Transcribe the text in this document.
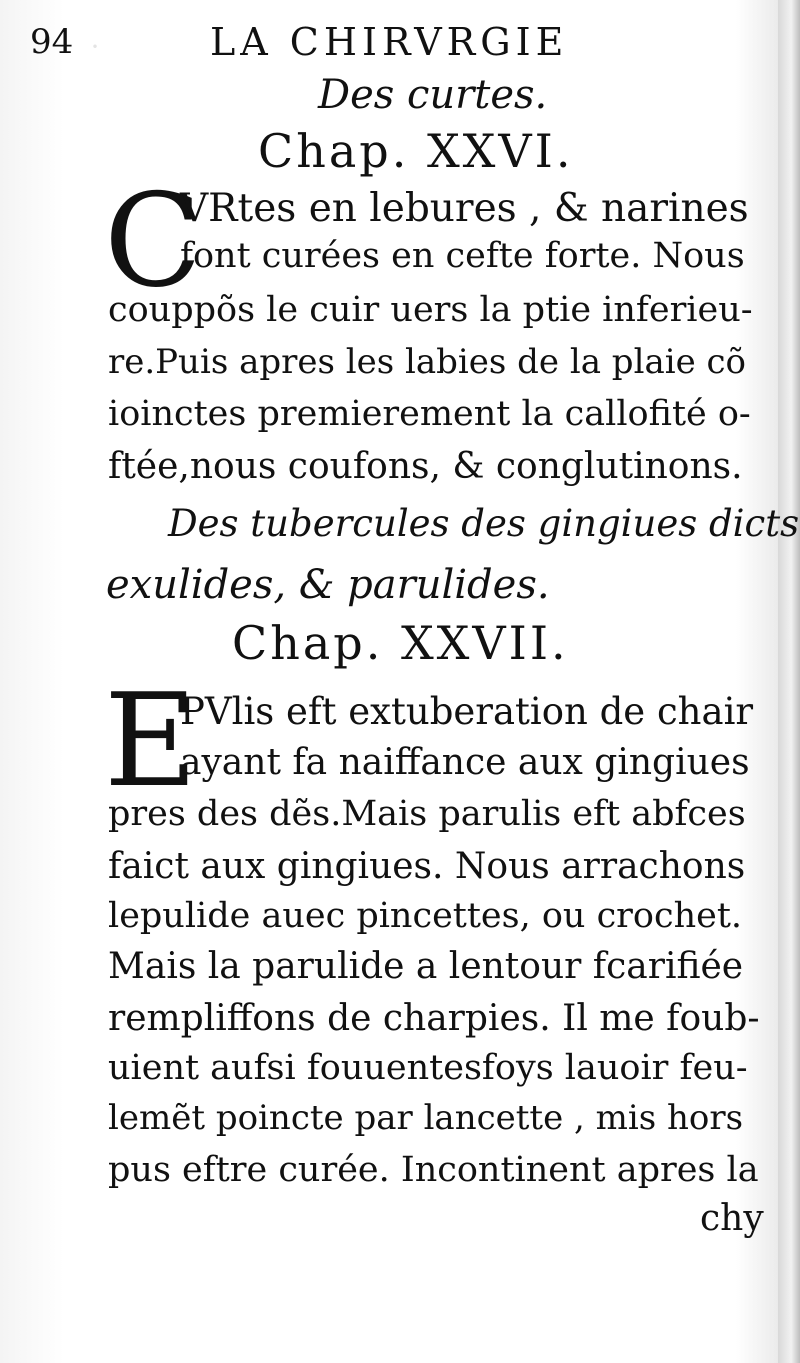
·
94	LA CHIRVRGIE
Des curtes.
Chap. XXVI.
C
VRtes en lebures , & narines
font curées en cefte forte. Nous
couppõs le cuir uers la ptie inferieu-
re.Puis apres les labies de la plaie cõ
ioinctes premierement la callofité o-
ftée,nous coufons, & conglutinons.
Des tubercules des gingiues dicts
exulides, & parulides.
Chap. XXVII.
E
PVlis eft extuberation de chair
ayant fa naiffance aux gingiues
pres des dẽs.Mais parulis eft abfces
faict aux gingiues. Nous arrachons
lepulide auec pincettes, ou crochet.
Mais la parulide a lentour fcarifiée
rempliffons de charpies. Il me foub-
uient aufsi fouuentesfoys lauoir feu-
lemẽt poincte par lancette , mis hors
pus eftre curée. Incontinent apres la
chy
